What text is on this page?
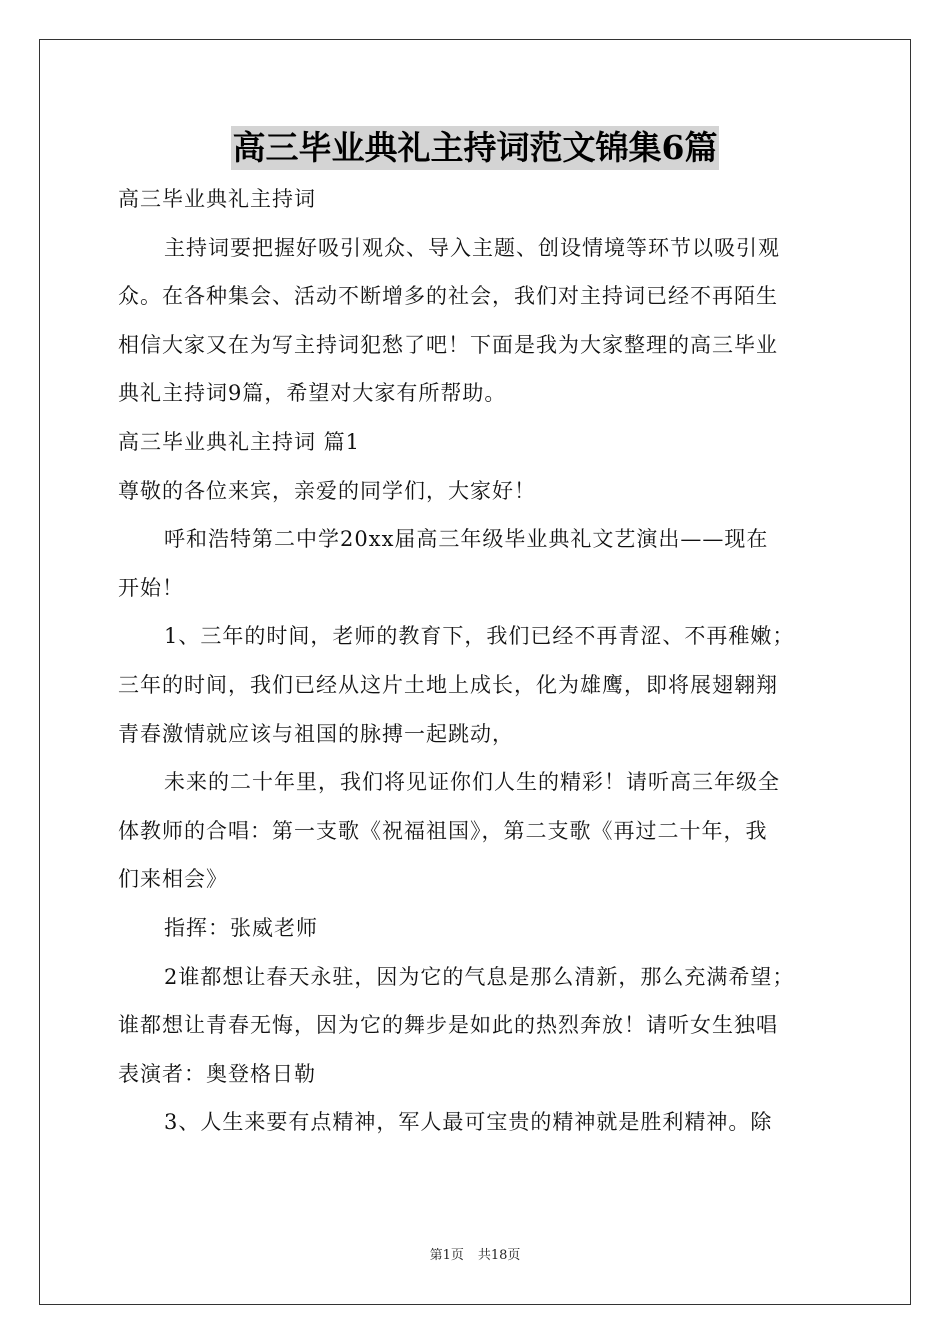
高三毕业典礼主持词范文锦集6篇
高三毕业典礼主持词
主持词要把握好吸引观众、导入主题、创设情境等环节以吸引观
众。在各种集会、活动不断增多的社会，我们对主持词已经不再陌生
相信大家又在为写主持词犯愁了吧！下面是我为大家整理的高三毕业
典礼主持词9篇，希望对大家有所帮助。
高三毕业典礼主持词 篇1
尊敬的各位来宾，亲爱的同学们，大家好！
呼和浩特第二中学20xx届高三年级毕业典礼文艺演出——现在
开始！
1、三年的时间，老师的教育下，我们已经不再青涩、不再稚嫩；
三年的时间，我们已经从这片土地上成长，化为雄鹰，即将展翅翱翔
青春激情就应该与祖国的脉搏一起跳动，
未来的二十年里，我们将见证你们人生的精彩！请听高三年级全
体教师的合唱：第一支歌《祝福祖国》，第二支歌《再过二十年，我
们来相会》
指挥：张威老师
2谁都想让春天永驻，因为它的气息是那么清新，那么充满希望；
谁都想让青春无悔，因为它的舞步是如此的热烈奔放！请听女生独唱
表演者：奥登格日勒
3、人生来要有点精神，军人最可宝贵的精神就是胜利精神。除
第1页 共18页
